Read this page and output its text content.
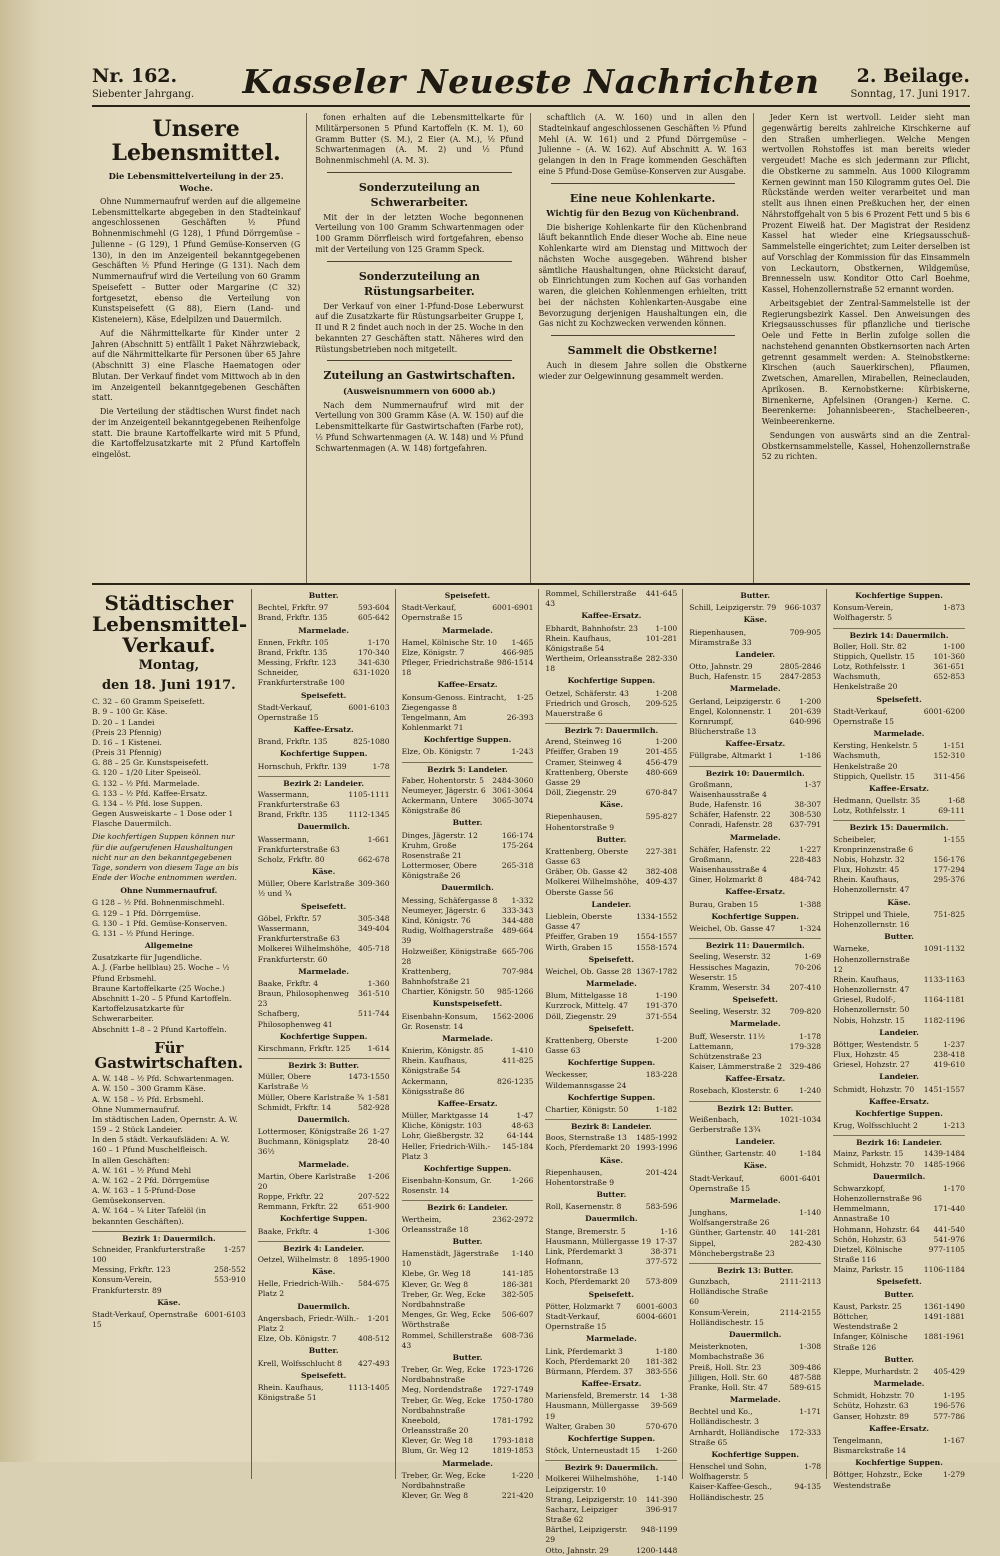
Nr. 162.
Siebenter Jahrgang.	Kasseler Neueste Nachrichten	2. Beilage.
Sonntag, 17. Juni 1917.
Unsere Lebensmittel.
Die Lebensmittelverteilung in der 25. Woche.

Ohne Nummernaufruf werden auf die allgemeine Lebensmittelkarte abgegeben in den Stadteinkauf angeschlossenen Geschäften ½ Pfund Bohnenmischmehl (G 128), 1 Pfund Dörrgemüse – Julienne – (G 129), 1 Pfund Gemüse-Konserven (G 130), in den im Anzeigenteil bekanntgegebenen Geschäften ½ Pfund Heringe (G 131). Nach dem Nummernaufruf wird die Verteilung von 60 Gramm Speisefett – Butter oder Margarine (C 32) fortgesetzt, ebenso die Verteilung von Kunstspeisefett (G 88), Eiern (Land- und Kisteneiern), Käse, Edelpilzen und Dauermilch.

Auf die Nährmittelkarte für Kinder unter 2 Jahren (Abschnitt 5) entfällt 1 Paket Nährzwieback, auf die Nährmittelkarte für Personen über 65 Jahre (Abschnitt 3) eine Flasche Haematogen oder Blutan. Der Verkauf findet vom Mittwoch ab in den im Anzeigenteil bekanntgegebenen Geschäften statt.

Die Verteilung der städtischen Wurst findet nach der im Anzeigenteil bekanntgegebenen Reihenfolge statt. Die braune Kartoffelkarte wird mit 5 Pfund, die Kartoffelzusatzkarte mit 2 Pfund Kartoffeln eingelöst.

fonen erhalten auf die Lebensmittelkarte für Militärpersonen 5 Pfund Kartoffeln (K. M. 1), 60 Gramm Butter (S. M.), 2 Eier (A. M.), ½ Pfund Schwartenmagen (A. M. 2) und ½ Pfund Bohnenmischmehl (A. M. 3).

Sonderzuteilung an Schwerarbeiter.

Mit der in der letzten Woche begonnenen Verteilung von 100 Gramm Schwartenmagen oder 100 Gramm Dörrfleisch wird fortgefahren, ebenso mit der Verteilung von 125 Gramm Speck.

Sonderzuteilung an Rüstungsarbeiter.

Der Verkauf von einer 1-Pfund-Dose Leberwurst auf die Zusatzkarte für Rüstungsarbeiter Gruppe I, II und R 2 findet auch noch in der 25. Woche in den bekannten 27 Geschäften statt. Näheres wird den Rüstungsbetrieben noch mitgeteilt.

Zuteilung an Gastwirtschaften.
(Ausweisnummern von 6000 ab.)

Nach dem Nummernaufruf wird mit der Verteilung von 300 Gramm Käse (A. W. 150) auf die Lebensmittelkarte für Gastwirtschaften (Farbe rot), ½ Pfund Schwartenmagen (A. W. 148) und ½ Pfund Schwartenmagen (A. W. 148) fortgefahren.

schaftlich (A. W. 160) und in allen den Stadteinkauf angeschlossenen Geschäften ½ Pfund Mehl (A. W. 161) und 2 Pfund Dörrgemüse – Julienne – (A. W. 162). Auf Abschnitt A. W. 163 gelangen in den in Frage kommenden Geschäften eine 5 Pfund-Dose Gemüse-Konserven zur Ausgabe.

Eine neue Kohlenkarte.
Wichtig für den Bezug von Küchenbrand.

Die bisherige Kohlenkarte für den Küchenbrand läuft bekanntlich Ende dieser Woche ab. Eine neue Kohlenkarte wird am Dienstag und Mittwoch der nächsten Woche ausgegeben. Während bisher sämtliche Haushaltungen, ohne Rücksicht darauf, ob Einrichtungen zum Kochen auf Gas vorhanden waren, die gleichen Kohlenmengen erhielten, tritt bei der nächsten Kohlenkarten-Ausgabe eine Bevorzugung derjenigen Haushaltungen ein, die Gas nicht zu Kochzwecken verwenden können.

Sammelt die Obstkerne!

Auch in diesem Jahre sollen die Obstkerne wieder zur Oelgewinnung gesammelt werden.

Jeder Kern ist wertvoll. Leider sieht man gegenwärtig bereits zahlreiche Kirschkerne auf den Straßen umherliegen. Welche Mengen wertvollen Rohstoffes ist man bereits wieder vergeudet! Mache es sich jedermann zur Pflicht, die Obstkerne zu sammeln. Aus 1000 Kilogramm Kernen gewinnt man 150 Kilogramm gutes Oel. Die Rückstände werden weiter verarbeitet und man stellt aus ihnen einen Preßkuchen her, der einen Nährstoffgehalt von 5 bis 6 Prozent Fett und 5 bis 6 Prozent Eiweiß hat. Der Magistrat der Residenz Kassel hat wieder eine Kriegsausschuß-Sammelstelle eingerichtet; zum Leiter derselben ist auf Vorschlag der Kommission für das Einsammeln von Leckautorn, Obstkernen, Wildgemüse, Brennesseln usw. Konditor Otto Carl Boehme, Kassel, Hohenzollernstraße 52 ernannt worden.

Arbeitsgebiet der Zentral-Sammelstelle ist der Regierungsbezirk Kassel. Den Anweisungen des Kriegsausschusses für pflanzliche und tierische Oele und Fette in Berlin zufolge sollen die nachstehend genannten Obstkernsorten nach Arten getrennt gesammelt werden: A. Steinobstkerne: Kirschen (auch Sauerkirschen), Pflaumen, Zwetschen, Amarellen, Mirabellen, Reineclauden, Aprikosen. B. Kernobstkerne: Kürbiskerne, Birnenkerne, Apfelsinen (Orangen-) Kerne. C. Beerenkerne: Johannisbeeren-, Stachelbeeren-, Weinbeerenkerne.

Sendungen von auswärts sind an die Zentral-Obstkernsammelstelle, Kassel, Hohenzollernstraße 52 zu richten.

Städtischer Lebensmittel-Verkauf.
Montag,
den 18. Juni 1917.
C. 32 – 60 Gramm Speisefett.
B. 9 – 100 Gr. Käse.
D. 20 – 1 Landei
(Preis 23 Pfennig)
D. 16 – 1 Kistenei.
(Preis 31 Pfennig)
G. 88 – 25 Gr. Kunstspeisefett.
G. 120 – 1/20 Liter Speiseöl.
G. 132 – ½ Pfd. Marmelade.
G. 133 – ½ Pfd. Kaffee-Ersatz.
G. 134 – ½ Pfd. lose Suppen.
Gegen Ausweiskarte – 1 Dose oder 1 Flasche Dauermilch.

Die kochfertigen Suppen können nur für die aufgerufenen Haushaltungen nicht nur an den bekanntgegebenen Tage, sondern von diesem Tage an bis Ende der Woche entnommen werden.

Ohne Nummernaufruf.
G 128 – ½ Pfd. Bohnenmischmehl.
G. 129 – 1 Pfd. Dörrgemüse.
G. 130 – 1 Pfd. Gemüse-Konserven.
G. 131 – ½ Pfund Heringe.
Allgemeine
Zusatzkarte für Jugendliche.
A. J. (Farbe hellblau) 25. Woche – ½ Pfund Erbsmehl.
Braune Kartoffelkarte (25 Woche.)
Abschnitt 1–20 – 5 Pfund Kartoffeln.
Kartoffelzusatzkarte für Schwerarbeiter.
Abschnitt 1–8 – 2 Pfund Kartoffeln.
Für Gastwirtschaften.
A. W. 148 – ½ Pfd. Schwartenmagen.
A. W. 150 – 300 Gramm Käse.
A. W. 158 – ½ Pfd. Erbsmehl.
Ohne Nummernaufruf.
Im städtischen Laden, Opernstr. A. W. 159 – 2 Stück Landeier.
In den 5 städt. Verkaufsläden: A. W. 160 – 1 Pfund Muschelfleisch.
In allen Geschäften:
A. W. 161 – ½ Pfund Mehl
A. W. 162 – 2 Pfd. Dörrgemüse
A. W. 163 – 1 5-Pfund-Dose Gemüsekonserven.
A. W. 164 – ¼ Liter Tafelöl (in bekannten Geschäften).
Bezirk 1: Dauermilch.
Schneider, Frankfurterstraße 100
1-257
Messing, Frkftr. 123	258-552
Konsum-Verein, Frankfurterstr. 89
553-910
Käse.
Stadt-Verkauf, Opernstraße 15
6001-6103
Butter.
Bechtel, Frkftr. 97	593-604
Brand, Frkftr. 135	605-642
Marmelade.
Ennen, Frkftr. 105	1-170
Brand, Frkftr. 135	170-340
Messing, Frkftr. 123	341-630
Schneider, Frankfurterstraße 100
631-1020
Speisefett.
Stadt-Verkauf, Opernstraße 15
6001-6103
Kaffee-Ersatz.
Brand, Frkftr. 135	825-1080
Kochfertige Suppen.
Hornschuh, Frkftr. 139	1-78
Bezirk 2: Landeier.
Wassermann, Frankfurterstraße 63
1105-1111
Brand, Frkftr. 135	1112-1345
Dauermilch.
Wassermann, Frankfurterstraße 63
1-661
Scholz, Frkftr. 80	662-678
Käse.
Müller, Obere Karlstraße ½ und ¾
309-360
Speisefett.
Göbel, Frkftr. 57	305-348
Wassermann, Frankfurterstraße 63
349-404
Molkerei Wilhelmshöhe, Frankfurterstr. 60
405-718
Marmelade.
Baake, Frkftr. 4	1-360
Braun, Philosophenweg 23
361-510
Schafberg, Philosophenweg 41
511-744
Kochfertige Suppen.
Kirschmann, Frkftr. 125	1-614
Bezirk 3: Butter.
Müller, Obere Karlstraße ½
1473-1550
Müller, Obere Karlstraße ¾ 1-581
Schmidt, Frkftr. 14	582-928
Dauermilch.
Lottermoser, Königstraße 26 1-27
Buchmann, Königsplatz 36½
28-40
Marmelade.
Martin, Obere Karlstraße 20
1-206
Roppe, Frkftr. 22	207-522
Remmann, Frkftr. 22	651-900
Kochfertige Suppen.
Baake, Frkftr. 4	1-306
Bezirk 4: Landeier.
Oetzel, Wilhelmstr. 8	1895-1900
Käse.
Helle, Friedrich-Wilh.-Platz 2
584-675
Dauermilch.
Angersbach, Friedr.-Wilh.-Platz 2
1-201
Elze, Ob. Königstr. 7	408-512
Butter.
Krell, Wolfsschlucht 8	427-493
Speisefett.
Rhein. Kaufhaus, Königstraße 51
1113-1405
Speisefett.
Stadt-Verkauf, Opernstraße 15
6001-6901
Marmelade.
Hamel, Kölnische Str. 10	1-465
Elze, Königstr. 7	466-985
Pfleger, Friedrichstraße 18
986-1514
Kaffee-Ersatz.
Konsum-Genoss. Eintracht, Ziegengasse 8
1-25
Tengelmann, Am Kohlenmarkt 71
26-393
Kochfertige Suppen.
Elze, Ob. Königstr. 7	1-243
Bezirk 5: Landeier.
Faber, Hohentorstr. 5	2484-3060
Neumeyer, Jägerstr. 6 3061-3064
Ackermann, Untere Königstraße 86
3065-3074
Butter.
Dinges, Jägerstr. 12	166-174
Kruhm, Große Rosenstraße 21
175-264
Lottermoser, Obere Königstraße 26
265-318
Dauermilch.
Messing, Schäfergasse 8	1-332
Neumeyer, Jägerstr. 6	333-343
Kind, Königstr. 76	344-488
Rudig, Wolfhagerstraße 39
489-664
Holzweißer, Königstraße 28
665-706
Krattenberg, Bahnhofstraße 21
707-984
Chartier, Königstr. 50	985-1266
Kunstspeisefett.
Eisenbahn-Konsum, Gr. Rosenstr. 14
1562-2006
Marmelade.
Knierim, Königstr. 85	1-410
Rhein. Kaufhaus, Königstraße 54
411-825
Ackermann, Königsstraße 86
826-1235
Kaffee-Ersatz.
Müller, Marktgasse 14	1-47
Kliche, Königstr. 103	48-63
Lohr, Gießbergstr. 32	64-144
Heller, Friedrich-Wilh.-Platz 3
145-184
Kochfertige Suppen.
Eisenbahn-Konsum, Gr. Rosenstr. 14
1-266
Bezirk 6: Landeier.
Wertheim, Orleansstraße 18
2362-2972
Butter.
Hamenstädt, Jägerstraße 10
1-140
Klebe, Gr. Weg 18	141-185
Klever, Gr. Weg 8	186-381
Treber, Gr. Weg, Ecke Nordbahnstraße
382-505
Menges, Gr. Weg, Ecke Wörthstraße
506-607
Rommel, Schillerstraße 43
608-736
Butter.
Treber, Gr. Weg, Ecke Nordbahnstraße
1723-1726
Meg, Nordendstraße	1727-1749
Treber, Gr. Weg, Ecke Nordbahnstraße
1750-1780
Kneebold, Orleansstraße 20
1781-1792
Klever, Gr. Weg 18	1793-1818
Blum, Gr. Weg 12	1819-1853
Marmelade.
Treber, Gr. Weg, Ecke Nordbahnstraße
1-220
Klever, Gr. Weg 8	221-420
Rommel, Schillerstraße 43
441-645
Kaffee-Ersatz.
Ebhardt, Bahnhofstr. 23	1-100
Rhein. Kaufhaus, Königstraße 54
101-281
Wertheim, Orleansstraße 18
282-330
Kochfertige Suppen.
Oetzel, Schäferstr. 43	1-208
Friedrich und Grosch, Mauerstraße 6
209-525
Bezirk 7: Dauermilch.
Arend, Steinweg 16	1-200
Pfeiffer, Graben 19	201-455
Cramer, Steinweg 4	456-479
Krattenberg, Oberste Gasse 29
480-669
Döll, Ziegenstr. 29	670-847
Käse.
Riepenhausen, Hohentorstraße 9
595-827
Butter.
Krattenberg, Oberste Gasse 63
227-381
Gräber, Ob. Gasse 42	382-408
Molkerei Wilhelmshöhe, Oberste Gasse 56
409-437
Landeier.
Lieblein, Oberste Gasse 47
1334-1552
Pfeiffer, Graben 19	1554-1557
Wirth, Graben 15	1558-1574
Speisefett.
Weichel, Ob. Gasse 28 1367-1782
Marmelade.
Blum, Mittelgasse 18	1-190
Kurzrock, Mittelg. 47	191-370
Döll, Ziegenstr. 29	371-554
Speisefett.
Krattenberg, Oberste Gasse 63
1-200
Kochfertige Suppen.
Weckesser, Wildemannsgasse 24
183-228
Kochfertige Suppen.
Chartier, Königstr. 50	1-182
Bezirk 8: Landeier.
Boos, Sternstraße 13	1485-1992
Koch, Pferdemarkt 20 1993-1996
Käse.
Riepenhausen, Hohentorstraße 9
201-424
Butter.
Roll, Kasernenstr. 8	583-596
Dauermilch.
Stange, Bremerstr. 5	1-16
Hausmann, Müllergasse 19 17-37
Link, Pferdemarkt 3	38-371
Hofmann, Hohentorstraße 13
377-572
Koch, Pferdemarkt 20	573-809
Speisefett.
Pötter, Holzmarkt 7	6001-6003
Stadt-Verkauf, Opernstraße 15
6004-6601
Marmelade.
Link, Pferdemarkt 3	1-180
Koch, Pferdemarkt 20	181-382
Bürmann, Pferdem. 37	383-556
Kaffee-Ersatz.
Mariensfeld, Bremerstr. 14	1-38
Hausmann, Müllergasse 19
39-569
Walter, Graben 30	570-670
Kochfertige Suppen.
Stöck, Unterneustadt 15	1-260
Bezirk 9: Dauermilch.
Molkerei Wilhelmshöhe, Leipzigerstr. 10
1-140
Strang, Leipzigerstr. 10	141-390
Sacharz, Leipziger Straße 62
396-917
Bärthel, Leipzigerstr. 29
948-1199
Otto, Jahnstr. 29	1200-1448
Butter.
Schill, Leipzigerstr. 79	966-1037
Käse.
Riepenhausen, Miramstraße 33
709-905
Landeier.
Otto, Jahnstr. 29	2805-2846
Buch, Hafenstr. 15	2847-2853
Marmelade.
Gerland, Leipzigerstr. 6	1-200
Engel, Kolonnenstr. 1	201-639
Kornrumpf, Blücherstraße 13
640-996
Kaffee-Ersatz.
Füllgrabe, Altmarkt 1	1-186
Bezirk 10: Dauermilch.
Großmann, Waisenhausstraße 4
1-37
Bude, Hafenstr. 16	38-307
Schäfer, Hafenstr. 22	308-530
Conradi, Hafenstr. 28	637-791
Marmelade.
Schäfer, Hafenstr. 22	1-227
Großmann, Waisenhausstraße 4
228-483
Giner, Holzmarkt 8	484-742
Kaffee-Ersatz.
Burau, Graben 15	1-388
Kochfertige Suppen.
Weichel, Ob. Gasse 47	1-324
Bezirk 11: Dauermilch.
Seeling, Weserstr. 32	1-69
Hessisches Magazin, Weserstr. 15
70-206
Kramm, Weserstr. 34	207-410
Speisefett.
Seeling, Weserstr. 32	709-820
Marmelade.
Buff, Weserstr. 11½	1-178
Lattemann, Schützenstraße 23
179-328
Kaiser, Lämmerstraße 2	329-486
Kaffee-Ersatz.
Rosebach, Klosterstr. 6	1-240
Bezirk 12: Butter.
Weißenbach, Gerberstraße 13¾
1021-1034
Landeier.
Günther, Gartenstr. 40	1-184
Käse.
Stadt-Verkauf, Opernstraße 15
6001-6401
Marmelade.
Junghans, Wolfsangerstraße 26
1-140
Günther, Gartenstr. 40	141-281
Sippel, Mönchebergstraße 23
282-430
Bezirk 13: Butter.
Gunzbach, Holländische Straße 60
2111-2113
Konsum-Verein, Holländischestr. 15
2114-2155
Dauermilch.
Meisterknoten, Mombachstraße 36
1-308
Preiß, Holl. Str. 23	309-486
Jilligen, Holl. Str. 60	487-588
Franke, Holl. Str. 47	589-615
Marmelade.
Bechtel und Ko., Holländischestr. 3
1-171
Arnhardt, Holländische Straße 65
172-333
Kochfertige Suppen.
Henschel und Sohn, Wolfhagerstr. 5
1-78
Kaiser-Kaffee-Gesch., Holländischestr. 25
94-135
Kochfertige Suppen.
Konsum-Verein, Wolfhagerstr. 5
1-873
Bezirk 14: Dauermilch.
Boller, Holl. Str. 82	1-100
Stippich, Quellstr. 15	101-360
Lotz, Rothfelsstr. 1	361-651
Wachsmuth, Henkelstraße 20
652-853
Speisefett.
Stadt-Verkauf, Opernstraße 15
6001-6200
Marmelade.
Kersting, Henkelstr. 5	1-151
Wachsmuth, Henkelstraße 20
152-310
Stippich, Quellstr. 15	311-456
Kaffee-Ersatz.
Hedmann, Quellstr. 35	1-68
Lotz, Rothfelsstr. 1	69-111
Bezirk 15: Dauermilch.
Scheibeler, Kronprinzenstraße 6
1-155
Nobis, Hohzstr. 32	156-176
Flux, Hohzstr. 45	177-294
Rhein. Kaufhaus, Hohenzollernstr. 47
295-376
Käse.
Strippel und Thiele, Hohenzollernstr. 16
751-825
Butter.
Warneke, Hohenzollernstraße 12
1091-1132
Rhein. Kaufhaus, Hohenzollernstr. 47
1133-1163
Griesel, Rudolf-, Hohenzollernstr. 50
1164-1181
Nobis, Hohzstr. 15	1182-1196
Landeier.
Böttger, Westendstr. 5	1-237
Flux, Hohzstr. 45	238-418
Griesel, Hohzstr. 27	419-610
Landeier.
Schmidt, Hohzstr. 70	1451-1557
Kaffee-Ersatz.
Kochfertige Suppen.
Krug, Wolfsschlucht 2	1-213
Bezirk 16: Landeier.
Mainz, Parkstr. 15	1439-1484
Schmidt, Hohzstr. 70	1485-1966
Dauermilch.
Schwarzkopf, Hohenzollernstraße 96
1-170
Hemmelmann, Annastraße 10
171-440
Hohmann, Hohzstr. 64	441-540
Schön, Hohzstr. 63	541-976
Dietzel, Kölnische Straße 116
977-1105
Mainz, Parkstr. 15	1106-1184
Speisefett.
Butter.
Kaust, Parkstr. 25	1361-1490
Böttcher, Westendstraße 2
1491-1881
Infanger, Kölnische Straße 126
1881-1961
Butter.
Kleppe, Murhardstr. 2	405-429
Marmelade.
Schmidt, Hohzstr. 70	1-195
Schütz, Hohzstr. 63	196-576
Ganser, Hohzstr. 89	577-786
Kaffee-Ersatz.
Tengelmann, Bismarckstraße 14
1-167
Kochfertige Suppen.
Böttger, Hohzstr., Ecke Westendstraße
1-279
